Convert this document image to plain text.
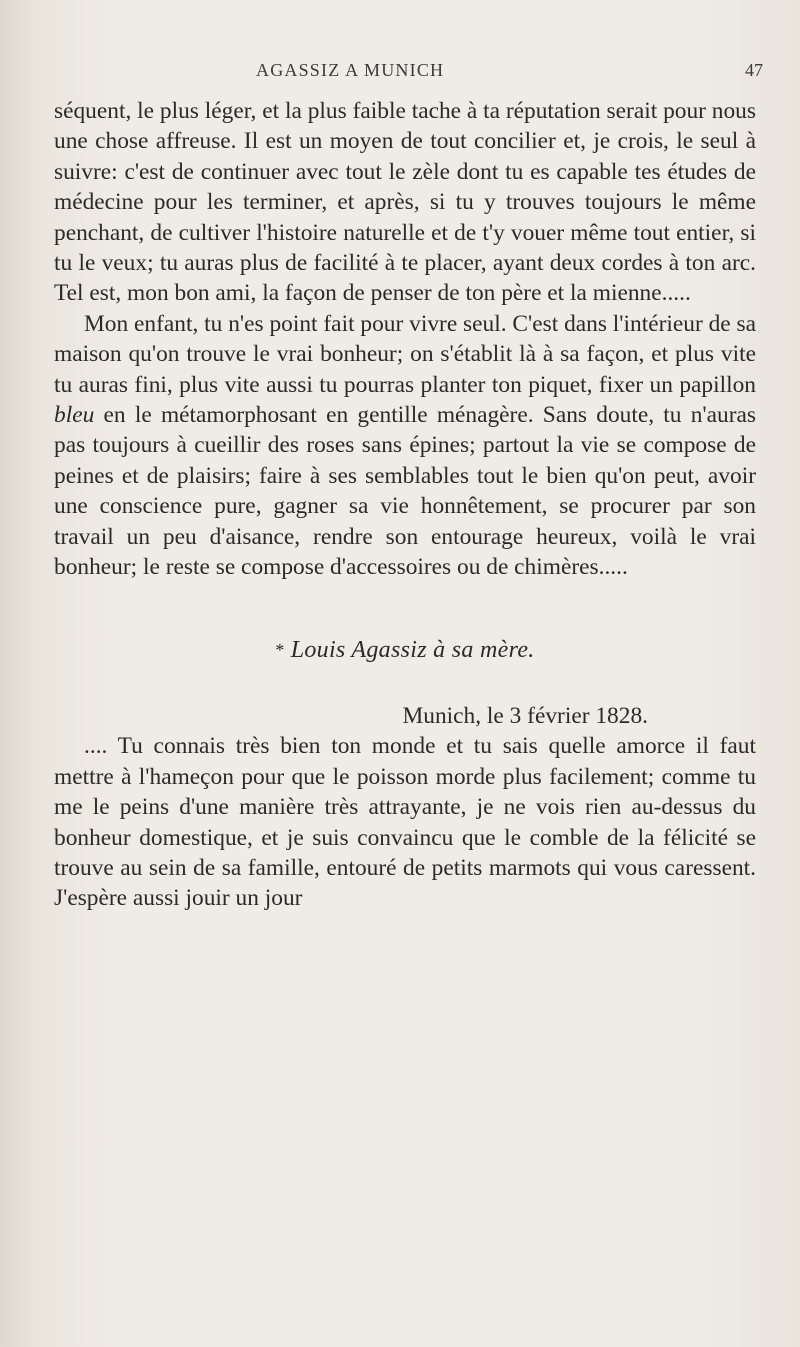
AGASSIZ A MUNICH	47

séquent, le plus léger, et la plus faible tache à ta réputation serait pour nous une chose affreuse. Il est un moyen de tout concilier et, je crois, le seul à suivre: c'est de continuer avec tout le zèle dont tu es capable tes études de médecine pour les terminer, et après, si tu y trouves toujours le même penchant, de cultiver l'histoire naturelle et de t'y vouer même tout entier, si tu le veux; tu auras plus de facilité à te placer, ayant deux cordes à ton arc. Tel est, mon bon ami, la façon de penser de ton père et la mienne.....

Mon enfant, tu n'es point fait pour vivre seul. C'est dans l'intérieur de sa maison qu'on trouve le vrai bonheur; on s'établit là à sa façon, et plus vite tu auras fini, plus vite aussi tu pourras planter ton piquet, fixer un papillon bleu en le métamorphosant en gentille ménagère. Sans doute, tu n'auras pas toujours à cueillir des roses sans épines; partout la vie se compose de peines et de plaisirs; faire à ses semblables tout le bien qu'on peut, avoir une conscience pure, gagner sa vie honnêtement, se procurer par son travail un peu d'aisance, rendre son entourage heureux, voilà le vrai bonheur; le reste se compose d'accessoires ou de chimères.....

* Louis Agassiz à sa mère.

Munich, le 3 février 1828.

.... Tu connais très bien ton monde et tu sais quelle amorce il faut mettre à l'hameçon pour que le poisson morde plus facilement; comme tu me le peins d'une manière très attrayante, je ne vois rien au-dessus du bonheur domestique, et je suis convaincu que le comble de la félicité se trouve au sein de sa famille, entouré de petits marmots qui vous caressent. J'espère aussi jouir un jour
